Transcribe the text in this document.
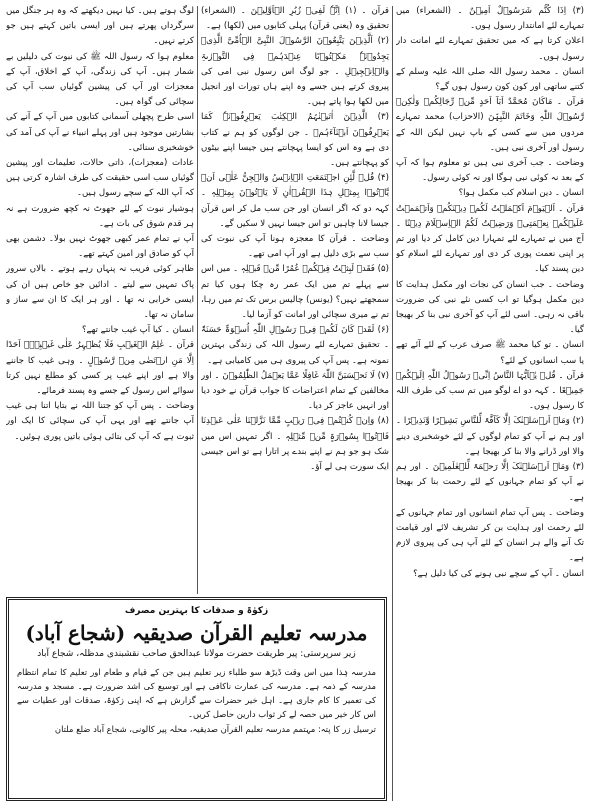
(۳) اِذَا کُنُّم شَرَسُوۡلٌ اَمِیۡنٌ ۔ (الشعراء) میں تمہارے لئے امانتدار رسول ہوں۔

اعلان کرتا ہے کہ میں تحقیق تمہارے لئے امانت دار رسول ہوں۔

انسان ۔ محمد رسول اللہ صلی اللہ علیہ وسلم کے کتنے ساتھی اور کون کون رسول ہوں گے؟

قرآن ۔ مَاکَانَ مُحَمَّدٌ اَبَآ اَحَدٍ مِّنۡ رِّجَالِکُمۡ وَلٰکِنۡ رَّسُوۡلَ اللّٰہِ وَخَاتَمَ النَّبِیّٖنَ (الاحزاب) محمد تمہارے مردوں میں سے کسی کے باپ نہیں لیکن اللہ کے رسول اور آخری نبی ہیں۔

وضاحت ۔ جب آخری نبی ہیں تو معلوم ہوا کہ آپ کے بعد نہ کوئی نبی ہوگا اور نہ کوئی رسول۔

انسان ۔ دین اسلام کب مکمل ہوا؟

قرآن ۔ اَلۡیَوۡمَ اَکۡمَلۡتُ لَکُمۡ دِیۡنَکُمۡ وَاَتۡمَمۡتُ عَلَیۡکُمۡ نِعۡمَتِیۡ وَرَضِیۡتُ لَکُمُ الۡاِسۡلَامَ دِیۡنًا ۔ آج میں نے تمہارے لئے تمہارا دین کامل کر دیا اور تم پر اپنی نعمت پوری کر دی اور تمہارے لئے اسلام کو دین پسند کیا۔

وضاحت ۔ جب انسان کی نجات اور مکمل ہدایت کا دین مکمل ہوگیا تو اب کسی نئے نبی کی ضرورت باقی نہ رہی۔ اسی لئے آپ کو آخری نبی بنا کر بھیجا گیا۔

انسان ۔ تو کیا محمد ﷺ صرف عرب کے لئے آئے تھے یا سب انسانوں کے لئے؟

قرآن ۔ قُلۡ یٰۤاَیُّہَا النَّاسُ اِنِّیۡ رَسُوۡلُ اللّٰہِ اِلَیۡکُمۡ جَمِیۡعًا ۔ کہہ دو اے لوگو میں تم سب کی طرف اللہ کا رسول ہوں۔

(۲) وَمَاۤ اَرۡسَلۡنٰکَ اِلَّا کَآفَّۃً لِّلنَّاسِ بَشِیۡرًا وَّنَذِیۡرًا ۔ اور ہم نے آپ کو تمام لوگوں کے لئے خوشخبری دینے والا اور ڈرانے والا بنا کر بھیجا ہے۔

(۳) وَمَاۤ اَرۡسَلۡنٰکَ اِلَّا رَحۡمَۃً لِّلۡعٰلَمِیۡنَ ۔ اور ہم نے آپ کو تمام جہانوں کے لئے رحمت بنا کر بھیجا ہے۔

وضاحت ۔ پس آپ تمام انسانوں اور تمام جہانوں کے لئے رحمت اور ہدایت بن کر تشریف لائے اور قیامت تک آنے والے ہر انسان کے لئے آپ ہی کی پیروی لازم ہے۔

انسان ۔ آپ کے سچے نبی ہونے کی کیا دلیل ہے؟

قرآن ۔ (۱) اِنَّہٗ لَفِیۡ زُبُرِ الۡاَوَّلِیۡنَ ۔ (الشعراء) تحقیق وہ (یعنی قرآن) پہلی کتابوں میں (لکھا) ہے۔

(۲) اَلَّذِیۡنَ یَتَّبِعُوۡنَ الرَّسُوۡلَ النَّبِیَّ الۡاُمِّیَّ الَّذِیۡ یَجِدُوۡنَہٗ مَکۡتُوۡبًا عِنۡدَہُمۡ فِی التَّوۡرٰىۃِ وَالۡاِنۡجِیۡلِ ۔ جو لوگ اس رسول نبی امی کی پیروی کرتے ہیں جسے وہ اپنے ہاں تورات اور انجیل میں لکھا ہوا پاتے ہیں۔

(۳) الَّذِیۡنَ اٰتَیۡنٰہُمُ الۡکِتٰبَ یَعۡرِفُوۡنَہٗ کَمَا یَعۡرِفُوۡنَ اَبۡنَآءَہُمۡ ۔ جن لوگوں کو ہم نے کتاب دی ہے وہ اس کو ایسا پہچانتے ہیں جیسا اپنے بیٹوں کو پہچانتے ہیں۔

(۴) قُلۡ لَّئِنِ اجۡتَمَعَتِ الۡاِنۡسُ وَالۡجِنُّ عَلٰۤی اَنۡ یَّاۡتُوۡا بِمِثۡلِ ہٰذَا الۡقُرۡاٰنِ لَا یَاۡتُوۡنَ بِمِثۡلِہٖ ۔ کہہ دو کہ اگر انسان اور جن سب مل کر اس قرآن جیسا لانا چاہیں تو اس جیسا نہیں لا سکیں گے۔

وضاحت ۔ قرآن کا معجزہ ہونا آپ کی نبوت کی سب سے بڑی دلیل ہے اور آپ امی تھے۔

(۵) فَقَدۡ لَبِثۡتُ فِیۡکُمۡ عُمُرًا مِّنۡ قَبۡلِہٖ ۔ میں اس سے پہلے تم میں ایک عمر رہ چکا ہوں کیا تم سمجھتے نہیں؟ (یونس) چالیس برس تک تم میں رہا، تم نے میری سچائی اور امانت کو آزما لیا۔

(۶) لَقَدۡ کَانَ لَکُمۡ فِیۡ رَسُوۡلِ اللّٰہِ اُسۡوَۃٌ حَسَنَۃٌ ۔ تحقیق تمہارے لئے رسول اللہ کی زندگی بہترین نمونہ ہے۔ پس آپ کی پیروی ہی میں کامیابی ہے۔

(۷) لَا تَحۡسَبَنَّ اللّٰہَ غَافِلًا عَمَّا یَعۡمَلُ الظّٰلِمُوۡنَ ۔ اور مخالفین کے تمام اعتراضات کا جواب قرآن نے خود دیا اور انہیں عاجز کر دیا۔

(۸) وَاِنۡ کُنۡتُمۡ فِیۡ رَیۡبٍ مِّمَّا نَزَّلۡنَا عَلٰی عَبۡدِنَا فَاۡتُوۡا بِسُوۡرَۃٍ مِّنۡ مِّثۡلِہٖ ۔ اگر تمہیں اس میں شک ہو جو ہم نے اپنے بندے پر اتارا ہے تو اس جیسی ایک سورت ہی لے آؤ۔

لوگ ہوتے ہیں۔ کیا نہیں دیکھتے کہ وہ ہر جنگل میں سرگرداں پھرتے ہیں اور ایسی باتیں کہتے ہیں جو کرتے نہیں۔

معلوم ہوا کہ رسول اللہ ﷺ کی نبوت کی دلیلیں بے شمار ہیں۔ آپ کی زندگی، آپ کے اخلاق، آپ کے معجزات اور آپ کی پیشین گوئیاں سب آپ کی سچائی کی گواہ ہیں۔

اسی طرح پچھلی آسمانی کتابوں میں آپ کے آنے کی بشارتیں موجود ہیں اور پہلے انبیاء نے آپ کی آمد کی خوشخبری سنائی۔

عادات (معجزات)، ذاتی حالات، تعلیمات اور پیشین گوئیاں سب اسی حقیقت کی طرف اشارہ کرتی ہیں کہ آپ اللہ کے سچے رسول ہیں۔

ہوشیار نبوت کے لئے جھوٹ نہ کچھ ضرورت ہے نہ ہر قدم شوق کی بات ہے۔

آپ نے تمام عمر کبھی جھوٹ نہیں بولا۔ دشمن بھی آپ کو صادق اور امین کہتے تھے۔

ظاہر کوئی فریب نہ پنہاں رہے ہوتے ۔ بالاں سرور پاک تمہیں سے لیتے ۔ ادائیں جو خاص ہیں ان کی ایسی خرابی نہ تھا ۔ اور ہر ایک کا ان سے ساز و سامان نہ تھا۔

انسان ۔ کیا آپ غیب جانتے تھے؟

قرآن ۔ عٰلِمُ الۡغَیۡبِ فَلَا یُظۡہِرُ عَلٰی غَیۡبِہٖۤ اَحَدًا اِلَّا مَنِ ارۡتَضٰی مِنۡ رَّسُوۡلٍ ۔ وہی غیب کا جاننے والا ہے اور اپنے غیب پر کسی کو مطلع نہیں کرتا سوائے اس رسول کے جسے وہ پسند فرمائے۔

وضاحت ۔ پس آپ کو جتنا اللہ نے بتایا اتنا ہی غیب آپ جانتے تھے اور یہی آپ کی سچائی کا ایک اور ثبوت ہے کہ آپ کی بتائی ہوئی باتیں پوری ہوئیں۔

زکوٰۃ و صدقات کا بہترین مصرف
مدرسہ تعلیم القرآن صدیقیہ (شجاع آباد)
زیر سرپرستی: پیر طریقت حضرت مولانا عبدالحق صاحب نقشبندی مدظلہ، شجاع آباد
مدرسہ ہٰذا میں اس وقت ڈیڑھ سو طلباء زیر تعلیم ہیں جن کے قیام و طعام اور تعلیم کا تمام انتظام مدرسہ کے ذمہ ہے۔ مدرسہ کی عمارت ناکافی ہے اور توسیع کی اشد ضرورت ہے۔ مسجد و مدرسہ کی تعمیر کا کام جاری ہے۔ اہل خیر حضرات سے گزارش ہے کہ اپنی زکوٰۃ، صدقات اور عطیات سے اس کار خیر میں حصہ لے کر ثواب دارین حاصل کریں۔
ترسیل زر کا پتہ: مہتمم مدرسہ تعلیم القرآن صدیقیہ، محلہ پیر کالونی، شجاع آباد ضلع ملتان
